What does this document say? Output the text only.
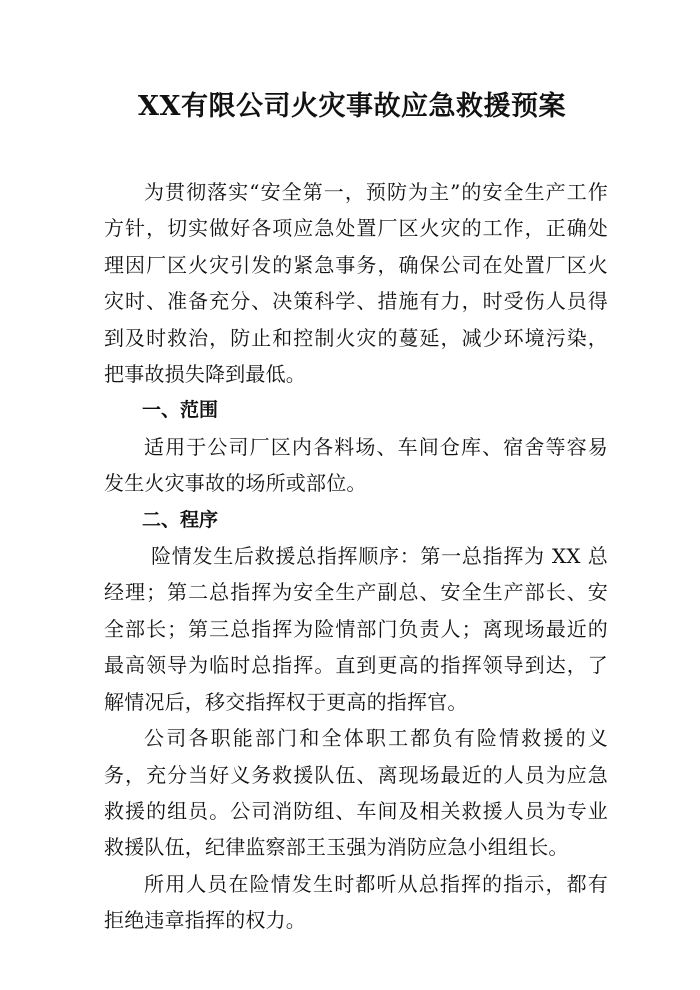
XX有限公司火灾事故应急救援预案

为贯彻落实“安全第一，预防为主”的安全生产工作方针，切实做好各项应急处置厂区火灾的工作，正确处理因厂区火灾引发的紧急事务，确保公司在处置厂区火灾时、准备充分、决策科学、措施有力，时受伤人员得到及时救治，防止和控制火灾的蔓延，减少环境污染，把事故损失降到最低。

一、范围

适用于公司厂区内各料场、车间仓库、宿舍等容易发生火灾事故的场所或部位。

二、程序

险情发生后救援总指挥顺序：第一总指挥为 XX 总经理；第二总指挥为安全生产副总、安全生产部长、安全部长；第三总指挥为险情部门负责人；离现场最近的最高领导为临时总指挥。直到更高的指挥领导到达，了解情况后，移交指挥权于更高的指挥官。

公司各职能部门和全体职工都负有险情救援的义务，充分当好义务救援队伍、离现场最近的人员为应急救援的组员。公司消防组、车间及相关救援人员为专业救援队伍，纪律监察部王玉强为消防应急小组组长。

所用人员在险情发生时都听从总指挥的指示，都有拒绝违章指挥的权力。
